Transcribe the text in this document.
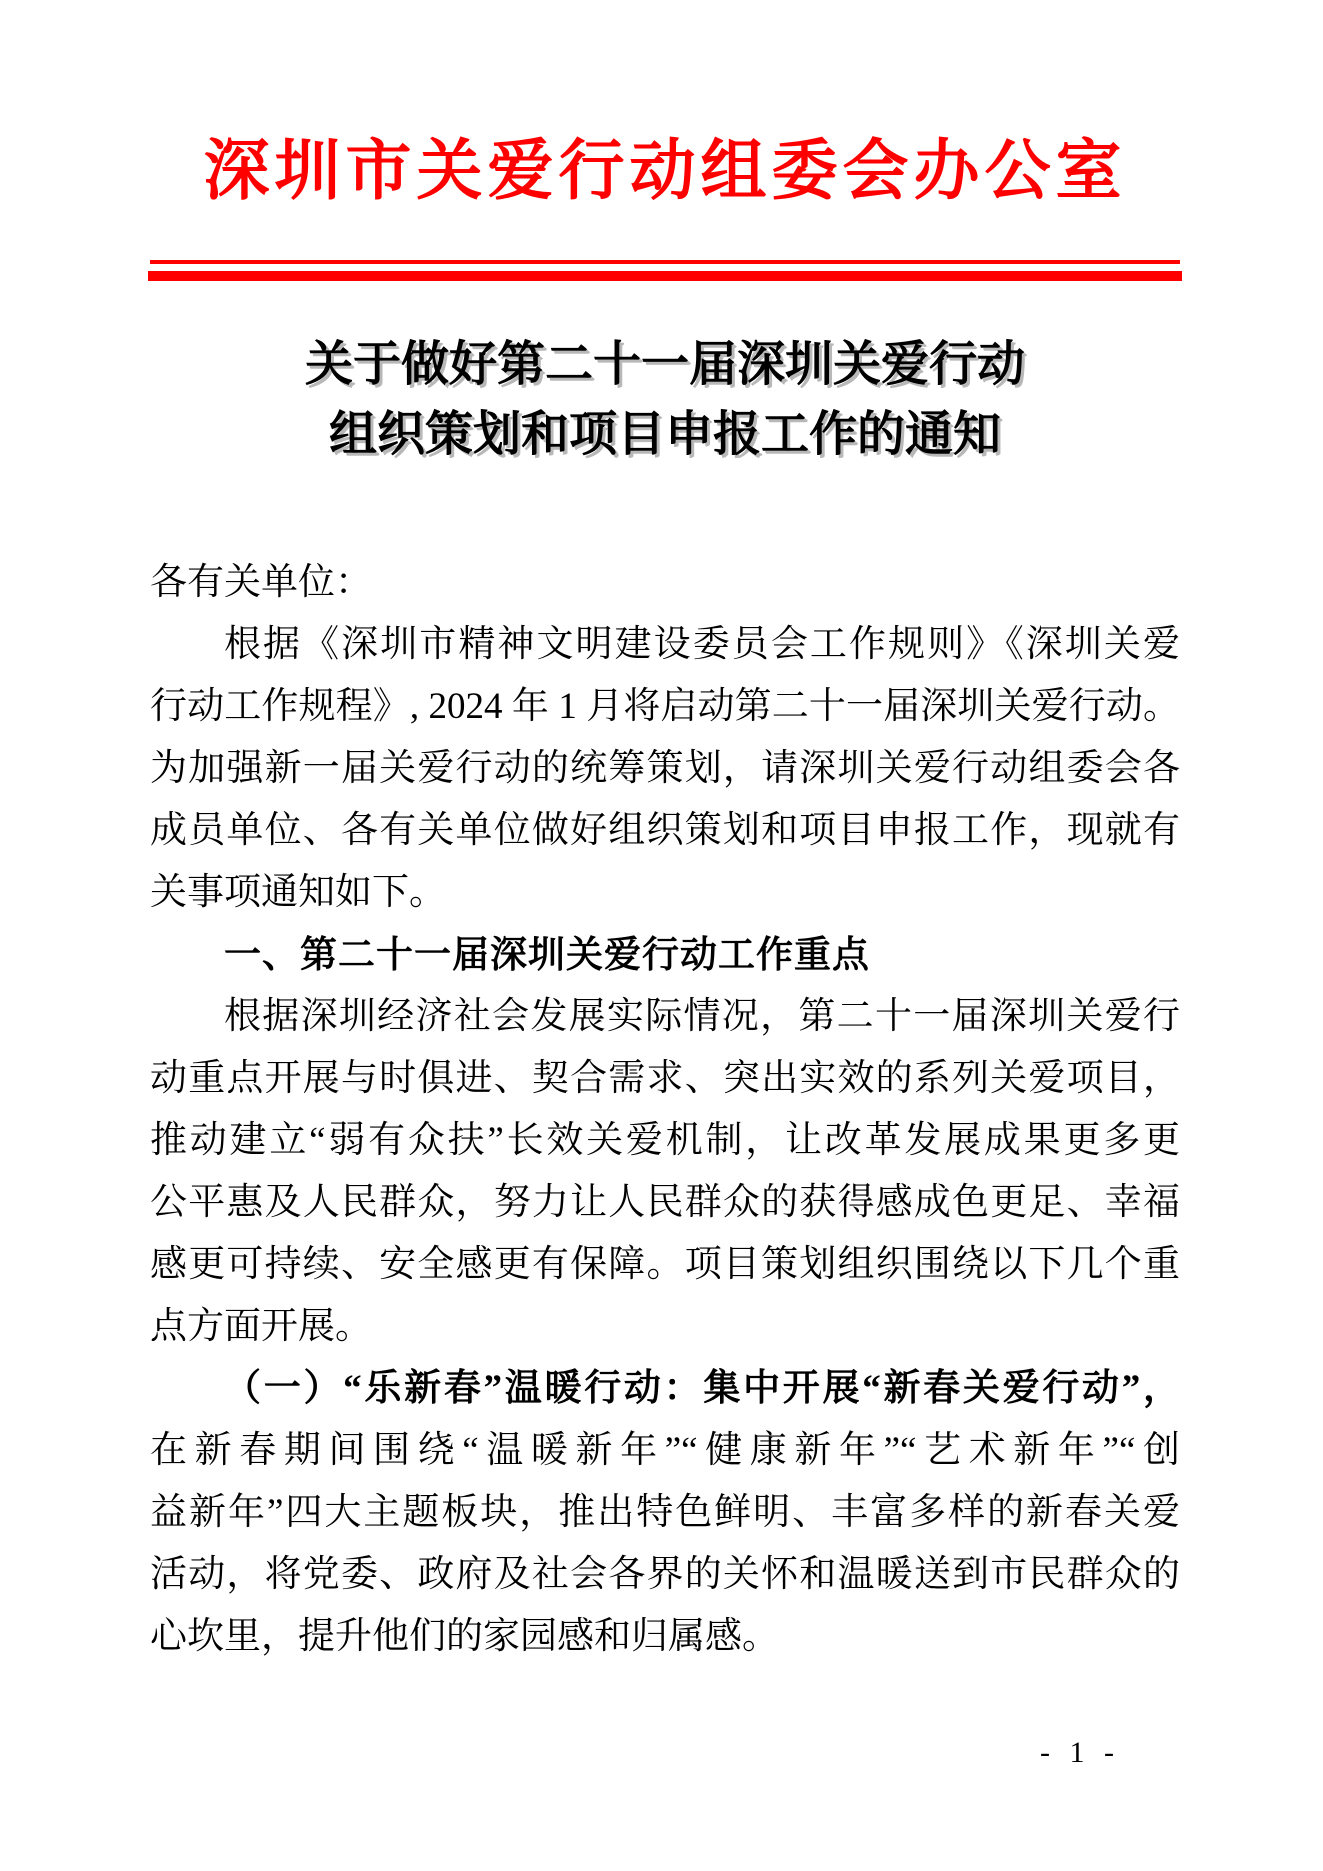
深圳市关爱行动组委会办公室
关于做好第二十一届深圳关爱行动
组织策划和项目申报工作的通知
各有关单位：
根据《深圳市精神文明建设委员会工作规则》《深圳关爱
行动工作规程》, 2024 年 1 月将启动第二十一届深圳关爱行动。
为加强新一届关爱行动的统筹策划，请深圳关爱行动组委会各
成员单位、各有关单位做好组织策划和项目申报工作，现就有
关事项通知如下。
一、第二十一届深圳关爱行动工作重点
根据深圳经济社会发展实际情况，第二十一届深圳关爱行
动重点开展与时俱进、契合需求、突出实效的系列关爱项目，
推动建立“弱有众扶”长效关爱机制，让改革发展成果更多更
公平惠及人民群众，努力让人民群众的获得感成色更足、幸福
感更可持续、安全感更有保障。项目策划组织围绕以下几个重
点方面开展。
（一）“乐新春”温暖行动：集中开展“新春关爱行动”，
在新春期间围绕“温暖新年”“健康新年”“艺术新年”“创
益新年”四大主题板块，推出特色鲜明、丰富多样的新春关爱
活动，将党委、政府及社会各界的关怀和温暖送到市民群众的
心坎里，提升他们的家园感和归属感。
- 1 -
